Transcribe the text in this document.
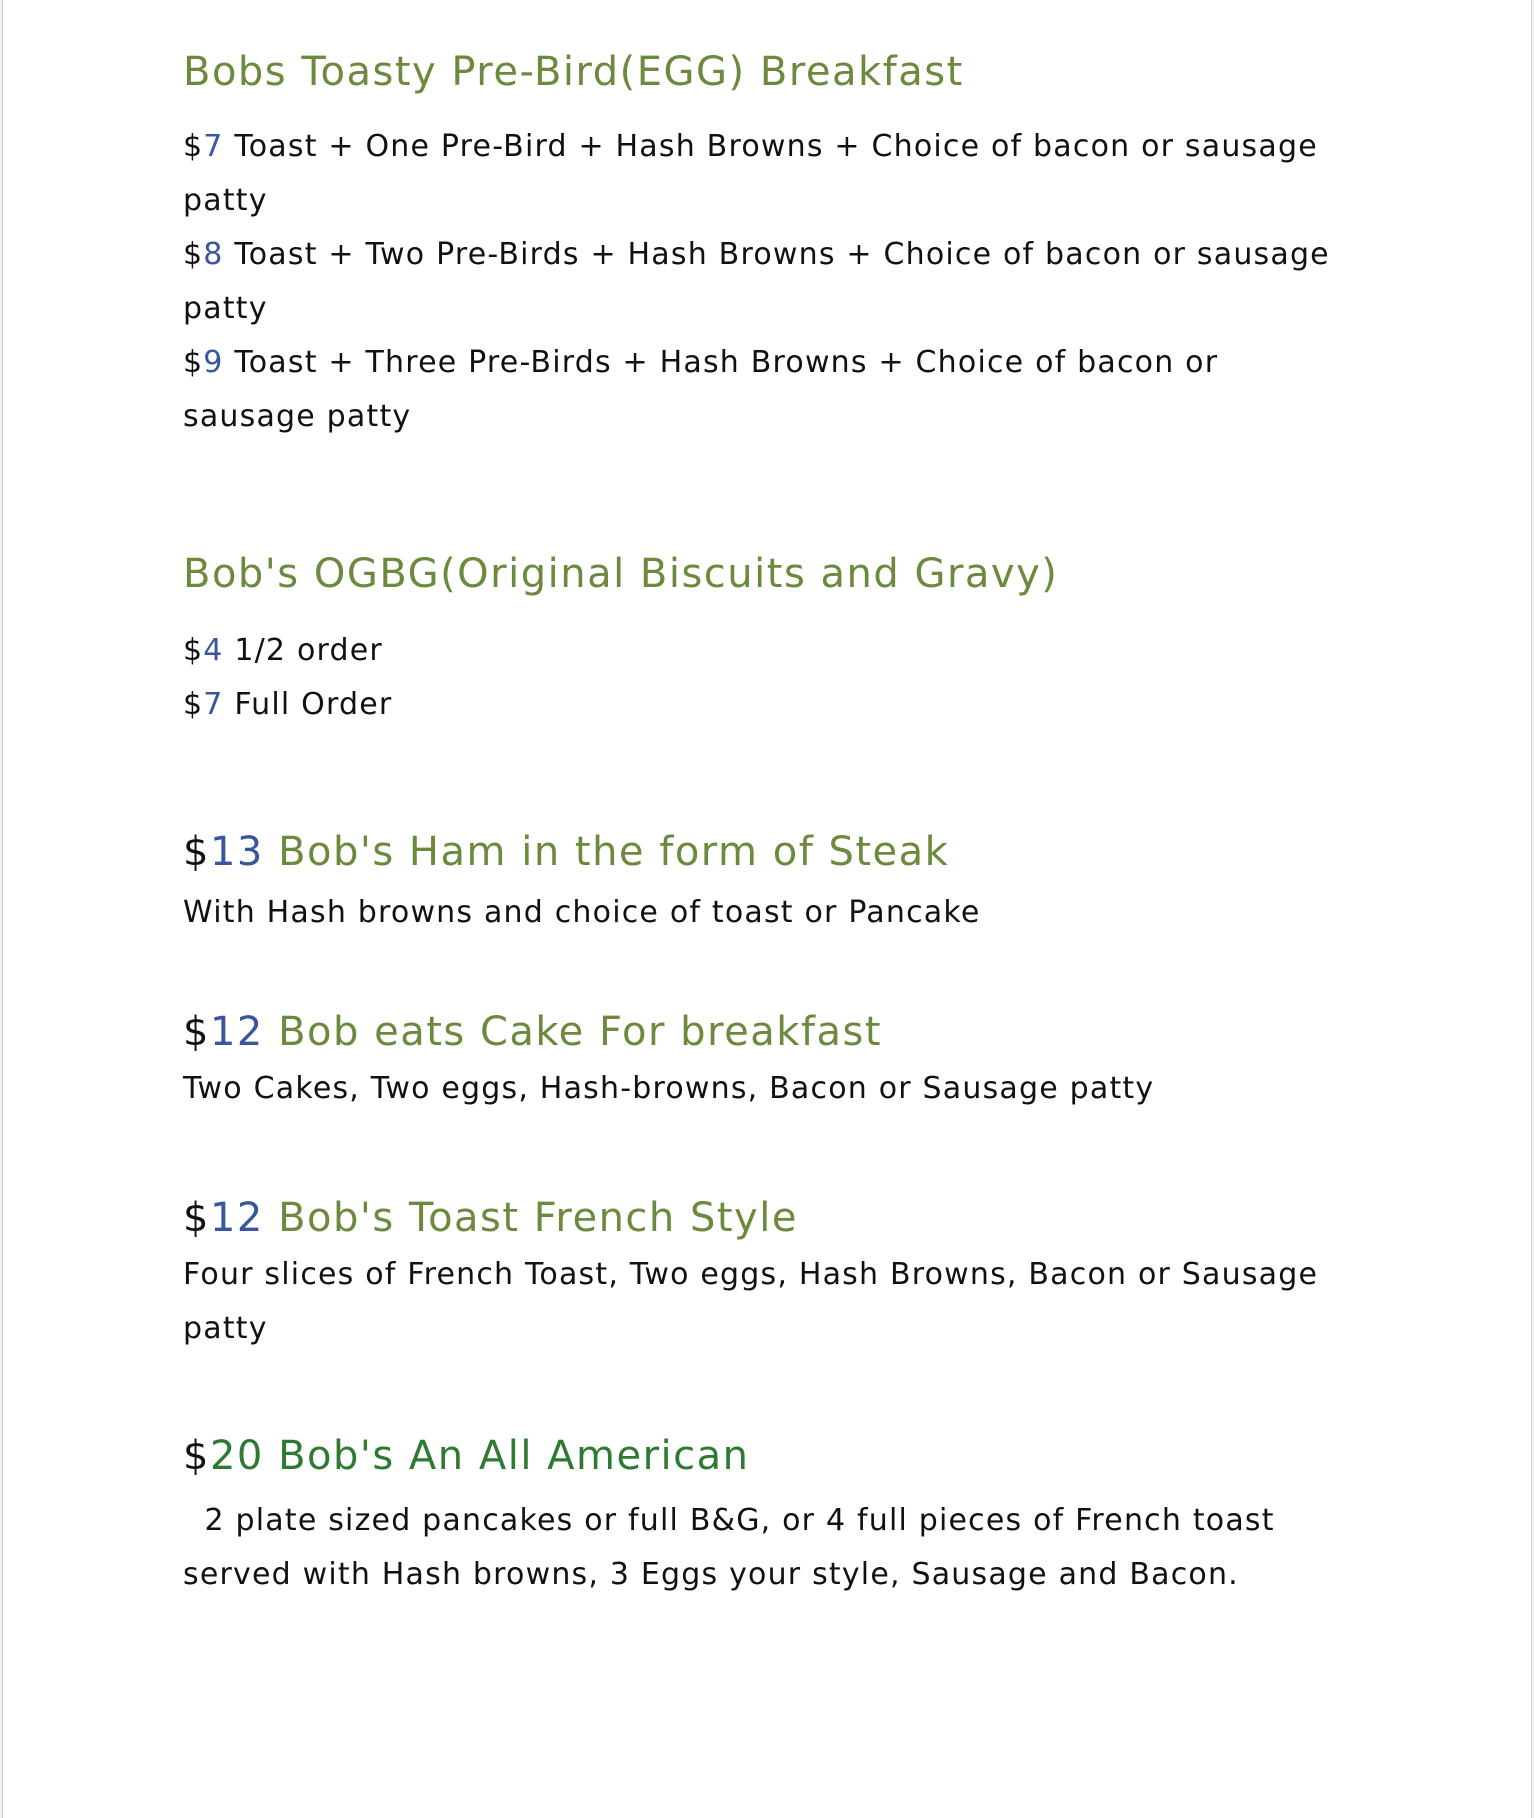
Bobs Toasty Pre-Bird(EGG) Breakfast

$7 Toast + One Pre-Bird + Hash Browns + Choice of bacon or sausage patty

$8 Toast + Two Pre-Birds + Hash Browns + Choice of bacon or sausage patty

$9 Toast + Three Pre-Birds + Hash Browns + Choice of bacon or sausage patty

Bob's OGBG(Original Biscuits and Gravy)

$4 1/2 order

$7 Full Order

$13 Bob's Ham in the form of Steak

With Hash browns and choice of toast or Pancake

$12 Bob eats Cake For breakfast

Two Cakes, Two eggs, Hash-browns, Bacon or Sausage patty

$12 Bob's Toast French Style

Four slices of French Toast, Two eggs, Hash Browns, Bacon or Sausage patty

$20 Bob's An All American

2 plate sized pancakes or full B&G, or 4 full pieces of French toast served with Hash browns, 3 Eggs your style, Sausage and Bacon.
